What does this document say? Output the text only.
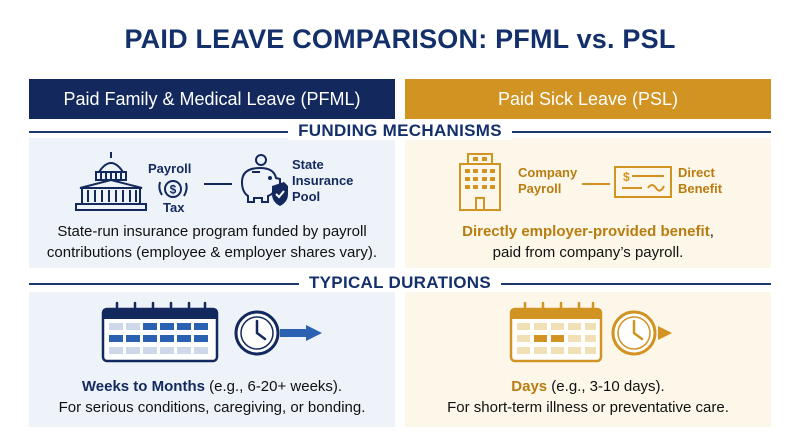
PAID LEAVE COMPARISON: PFML vs. PSL
Paid Family & Medical Leave (PFML)	Paid Sick Leave (PSL)
FUNDING MECHANISMS
TYPICAL DURATIONS
Payroll
$
Tax
State
Insurance
Pool
State-run insurance program funded by payroll
contributions (employee & employer shares vary).
Company
Payroll
$	Direct
Benefit
Directly employer-provided benefit,
paid from company’s payroll.
Weeks to Months (e.g., 6-20+ weeks).
For serious conditions, caregiving, or bonding.
Days (e.g., 3-10 days).
For short-term illness or preventative care.
